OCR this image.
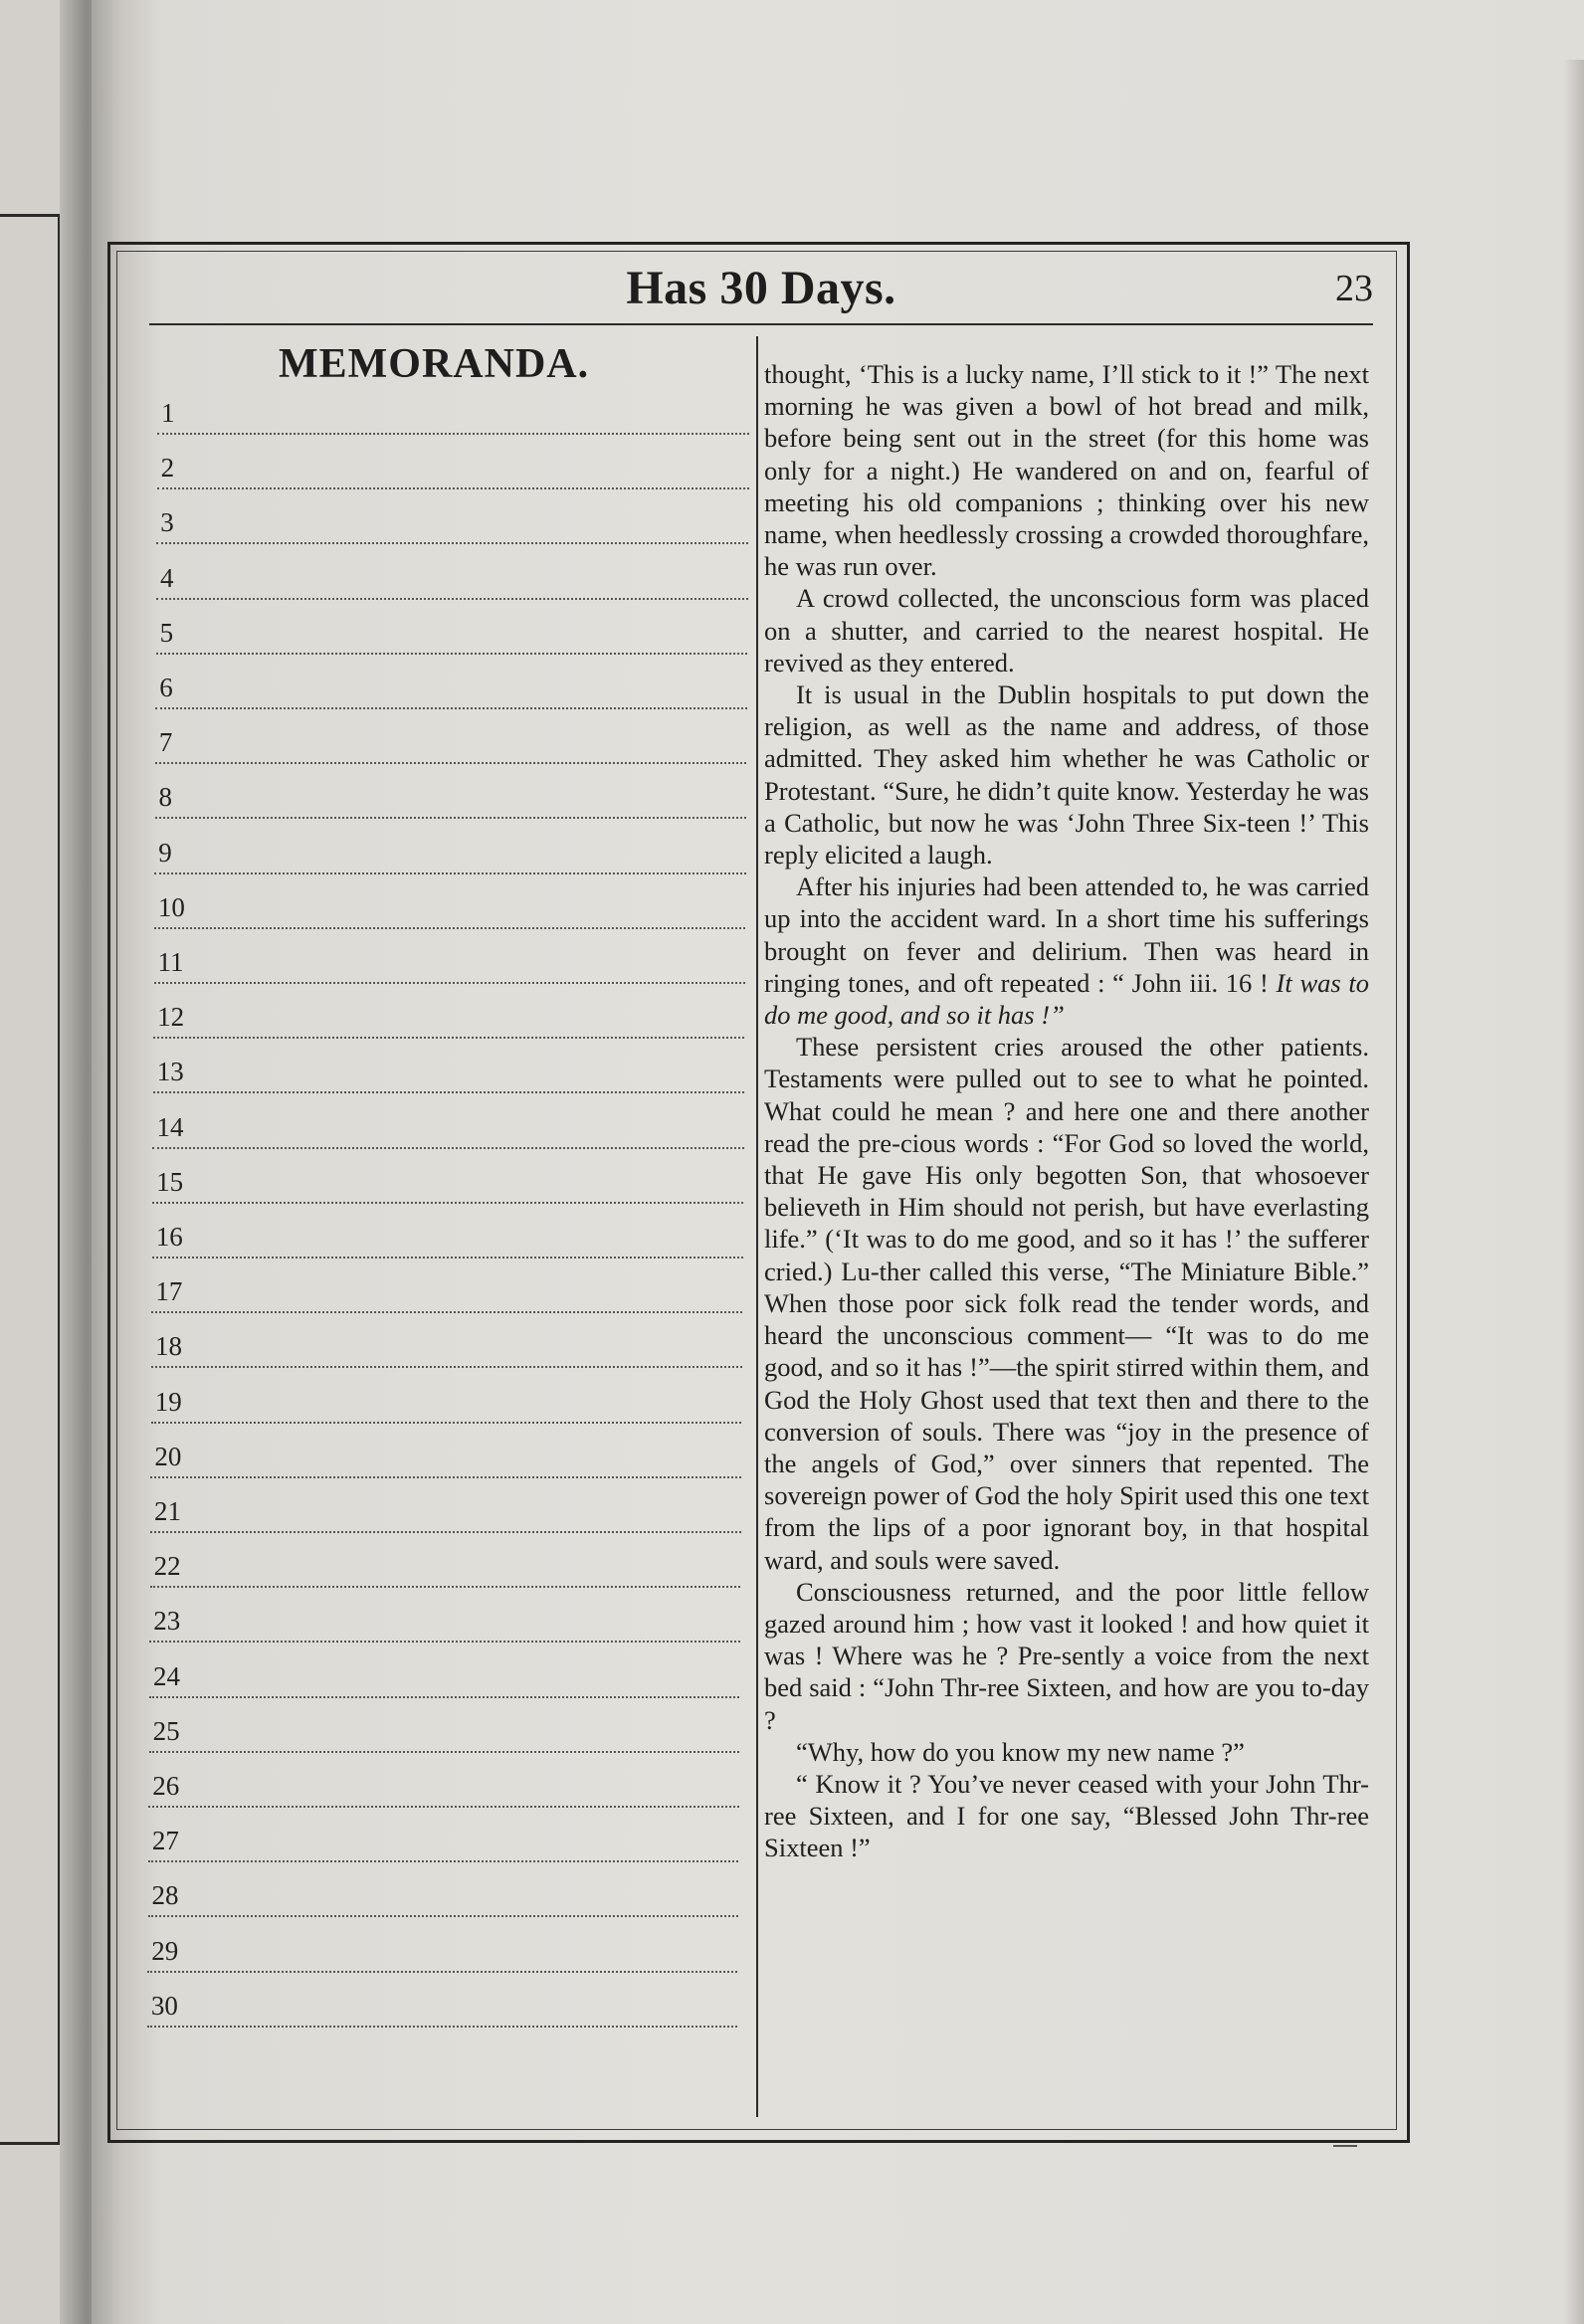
Has 30 Days.	23
MEMORANDA.
1
2
3
4
5
6
7
8
9
10
11
12
13
14
15
16
17
18
19
20
21
22
23
24
25
26
27
28
29
30

thought, ‘This is a lucky name, I’ll stick to it !” The next morning he was given a bowl of hot bread and milk, before being sent out in the street (for this home was only for a night.) He wandered on and on, fearful of meeting his old companions ; thinking over his new name, when heedlessly crossing a crowded thoroughfare, he was run over.

A crowd collected, the unconscious form was placed on a shutter, and carried to the nearest hospital. He revived as they entered.

It is usual in the Dublin hospitals to put down the religion, as well as the name and address, of those admitted. They asked him whether he was Catholic or Protestant. “Sure, he didn’t quite know. Yesterday he was a Catholic, but now he was ‘John Three Six-teen !’ This reply elicited a laugh.

After his injuries had been attended to, he was carried up into the accident ward. In a short time his sufferings brought on fever and delirium. Then was heard in ringing tones, and oft repeated : “ John iii. 16 ! It was to do me good, and so it has !”

These persistent cries aroused the other patients. Testaments were pulled out to see to what he pointed. What could he mean ? and here one and there another read the pre-cious words : “For God so loved the world, that He gave His only begotten Son, that whosoever believeth in Him should not perish, but have everlasting life.” (‘It was to do me good, and so it has !’ the sufferer cried.) Lu-ther called this verse, “The Miniature Bible.” When those poor sick folk read the tender words, and heard the unconscious comment— “It was to do me good, and so it has !”—the spirit stirred within them, and God the Holy Ghost used that text then and there to the conversion of souls. There was “joy in the presence of the angels of God,” over sinners that repented. The sovereign power of God the holy Spirit used this one text from the lips of a poor ignorant boy, in that hospital ward, and souls were saved.

Consciousness returned, and the poor little fellow gazed around him ; how vast it looked ! and how quiet it was ! Where was he ? Pre-sently a voice from the next bed said : “John Thr-ree Sixteen, and how are you to-day ?

“Why, how do you know my new name ?”

“ Know it ? You’ve never ceased with your John Thr-ree Sixteen, and I for one say, “Blessed John Thr-ree Sixteen !”
